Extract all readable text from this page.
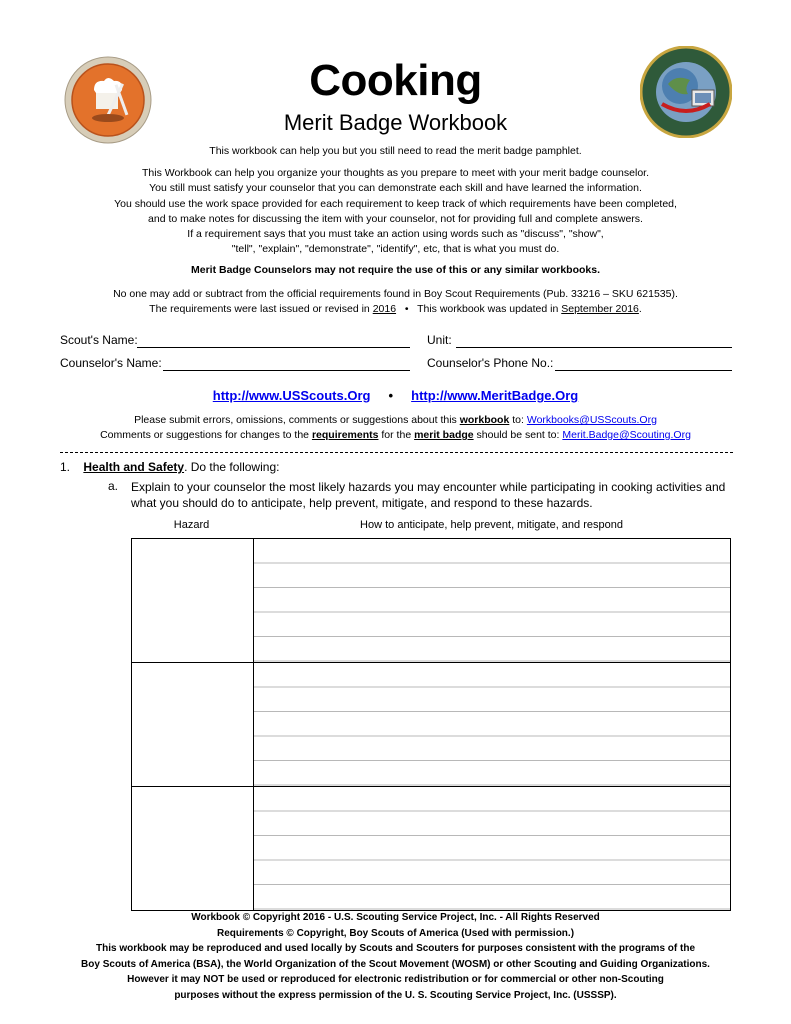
Cooking
Merit Badge Workbook
This workbook can help you but you still need to read the merit badge pamphlet.
This Workbook can help you organize your thoughts as you prepare to meet with your merit badge counselor.
You still must satisfy your counselor that you can demonstrate each skill and have learned the information.
You should use the work space provided for each requirement to keep track of which requirements have been completed,
and to make notes for discussing the item with your counselor, not for providing full and complete answers.
If a requirement says that you must take an action using words such as "discuss", "show",
"tell", "explain", "demonstrate", "identify", etc, that is what you must do.
Merit Badge Counselors may not require the use of this or any similar workbooks.
No one may add or subtract from the official requirements found in Boy Scout Requirements (Pub. 33216 – SKU 621535).
The requirements were last issued or revised in 2016 • This workbook was updated in September 2016.
Scout's Name:	Unit:
Counselor's Name:	Counselor's Phone No.:
http://www.USScouts.Org • http://www.MeritBadge.Org
Please submit errors, omissions, comments or suggestions about this workbook to: Workbooks@USScouts.Org
Comments or suggestions for changes to the requirements for the merit badge should be sent to: Merit.Badge@Scouting.Org
1. Health and Safety. Do the following:
a. Explain to your counselor the most likely hazards you may encounter while participating in cooking activities and
what you should do to anticipate, help prevent, mitigate, and respond to these hazards.
Hazard	How to anticipate, help prevent, mitigate, and respond

Workbook © Copyright 2016 - U.S. Scouting Service Project, Inc. - All Rights Reserved
Requirements © Copyright, Boy Scouts of America (Used with permission.)
This workbook may be reproduced and used locally by Scouts and Scouters for purposes consistent with the programs of the
Boy Scouts of America (BSA), the World Organization of the Scout Movement (WOSM) or other Scouting and Guiding Organizations.
However it may NOT be used or reproduced for electronic redistribution or for commercial or other non-Scouting
purposes without the express permission of the U. S. Scouting Service Project, Inc. (USSSP).
